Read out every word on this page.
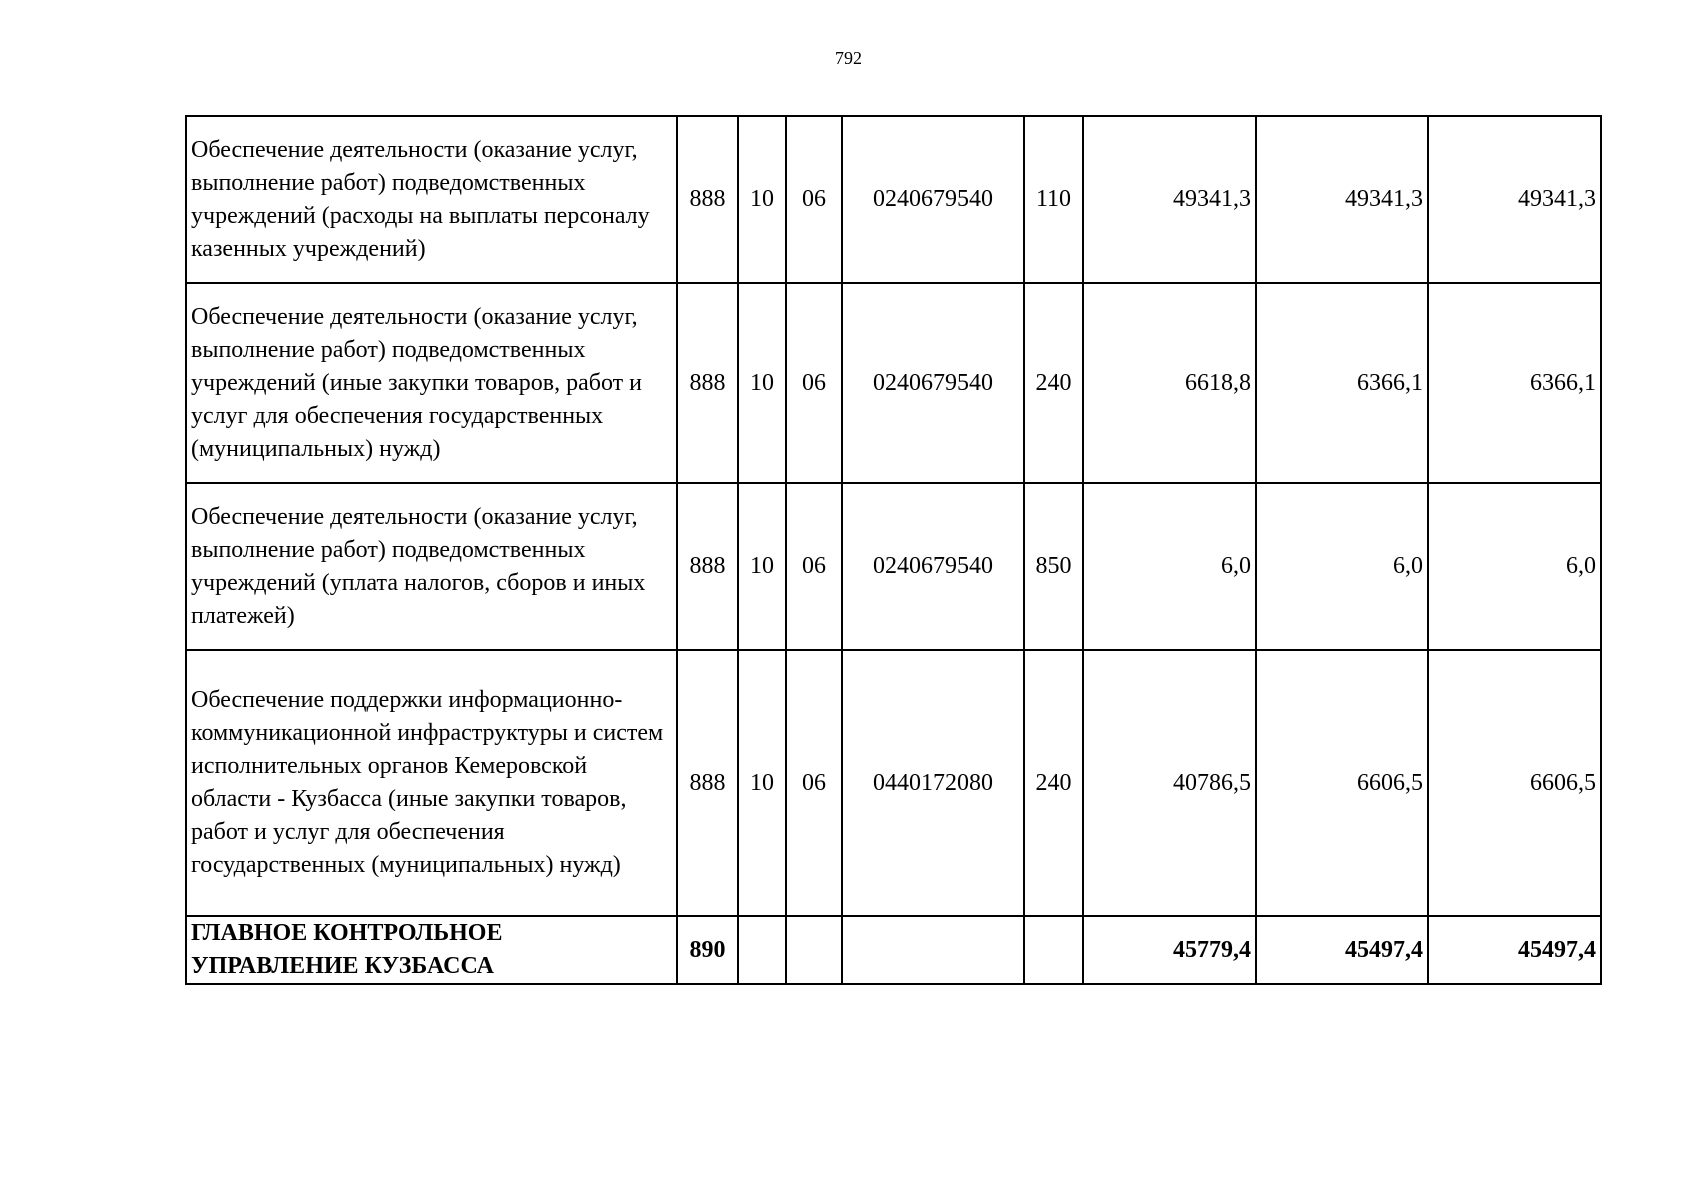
792
Обеспечение деятельности (оказание услуг, выполнение работ) подведомственных учреждений (расходы на выплаты персоналу казенных учреждений)	888	10	06	0240679540	110	49341,3	49341,3	49341,3
Обеспечение деятельности (оказание услуг, выполнение работ) подведомственных учреждений (иные закупки товаров, работ и услуг для обеспечения государственных (муниципальных) нужд)	888	10	06	0240679540	240	6618,8	6366,1	6366,1
Обеспечение деятельности (оказание услуг, выполнение работ) подведомственных учреждений (уплата налогов, сборов и иных платежей)	888	10	06	0240679540	850	6,0	6,0	6,0
Обеспечение поддержки информационно-коммуникационной инфраструктуры и систем исполнительных органов Кемеровской области - Кузбасса (иные закупки товаров, работ и услуг для обеспечения государственных (муниципальных) нужд)	888	10	06	0440172080	240	40786,5	6606,5	6606,5
ГЛАВНОЕ КОНТРОЛЬНОЕ УПРАВЛЕНИЕ КУЗБАССА	890					45779,4	45497,4	45497,4
